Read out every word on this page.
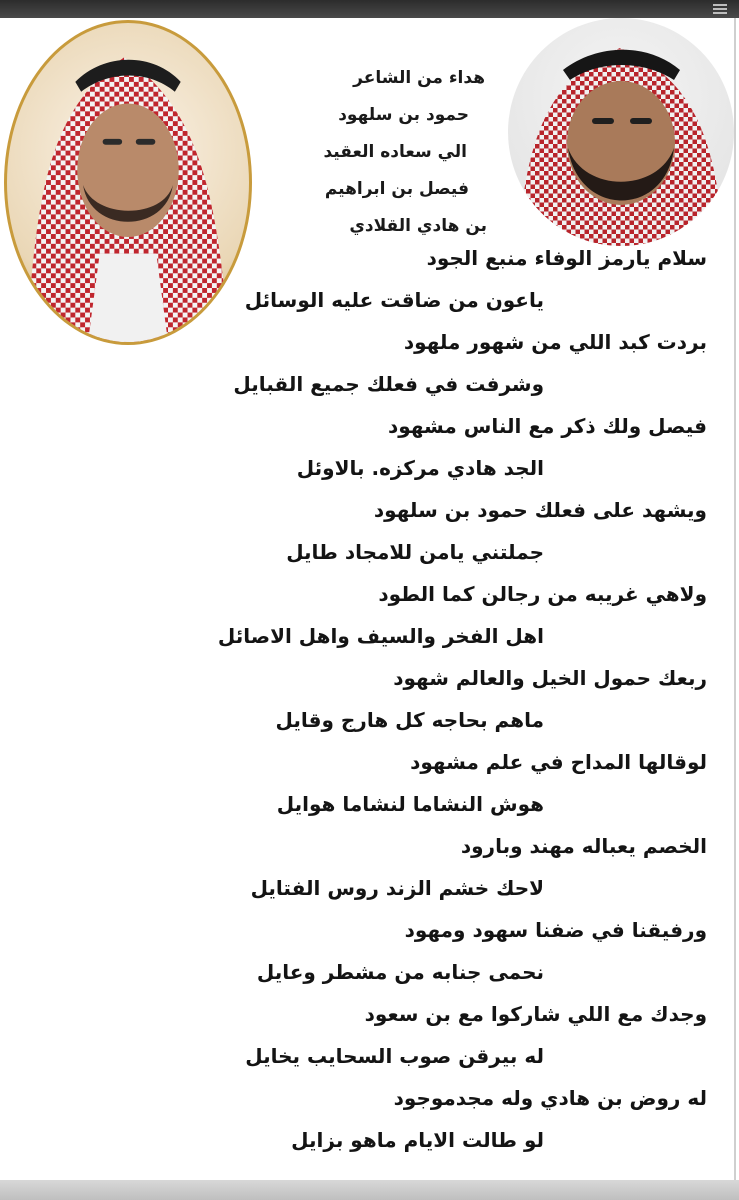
هداء من الشاعر
حمود بن سلهود
الي سعاده العقيد
فيصل بن ابراهيم
بن هادي القلادي
سلام يارمز الوفاء منبع الجود
ياعون من ضاقت عليه الوسائل
بردت كبد اللي من شهور ملهود
وشرفت في فعلك جميع القبايل
فيصل ولك ذكر مع الناس مشهود
الجد هادي مركزه. بالاوئل
ويشهد على فعلك حمود بن سلهود
جملتني يامن للامجاد طايل
ولاهي غريبه من رجالن كما الطود
اهل الفخر والسيف واهل الاصائل
ربعك حمول الخيل والعالم شهود
ماهم بحاجه كل هارج وقايل
لوقالها المداح في علم مشهود
هوش النشاما لنشاما هوايل
الخصم يعباله مهند وبارود
لاحك خشم الزند روس الفتايل
ورفيقنا في ضفنا سهود ومهود
نحمى جنابه من مشطر وعايل
وجدك مع اللي شاركوا مع بن سعود
له بيرقن صوب السحايب يخايل
له روض بن هادي وله مجدموجود
لو طالت الايام ماهو بزايل
